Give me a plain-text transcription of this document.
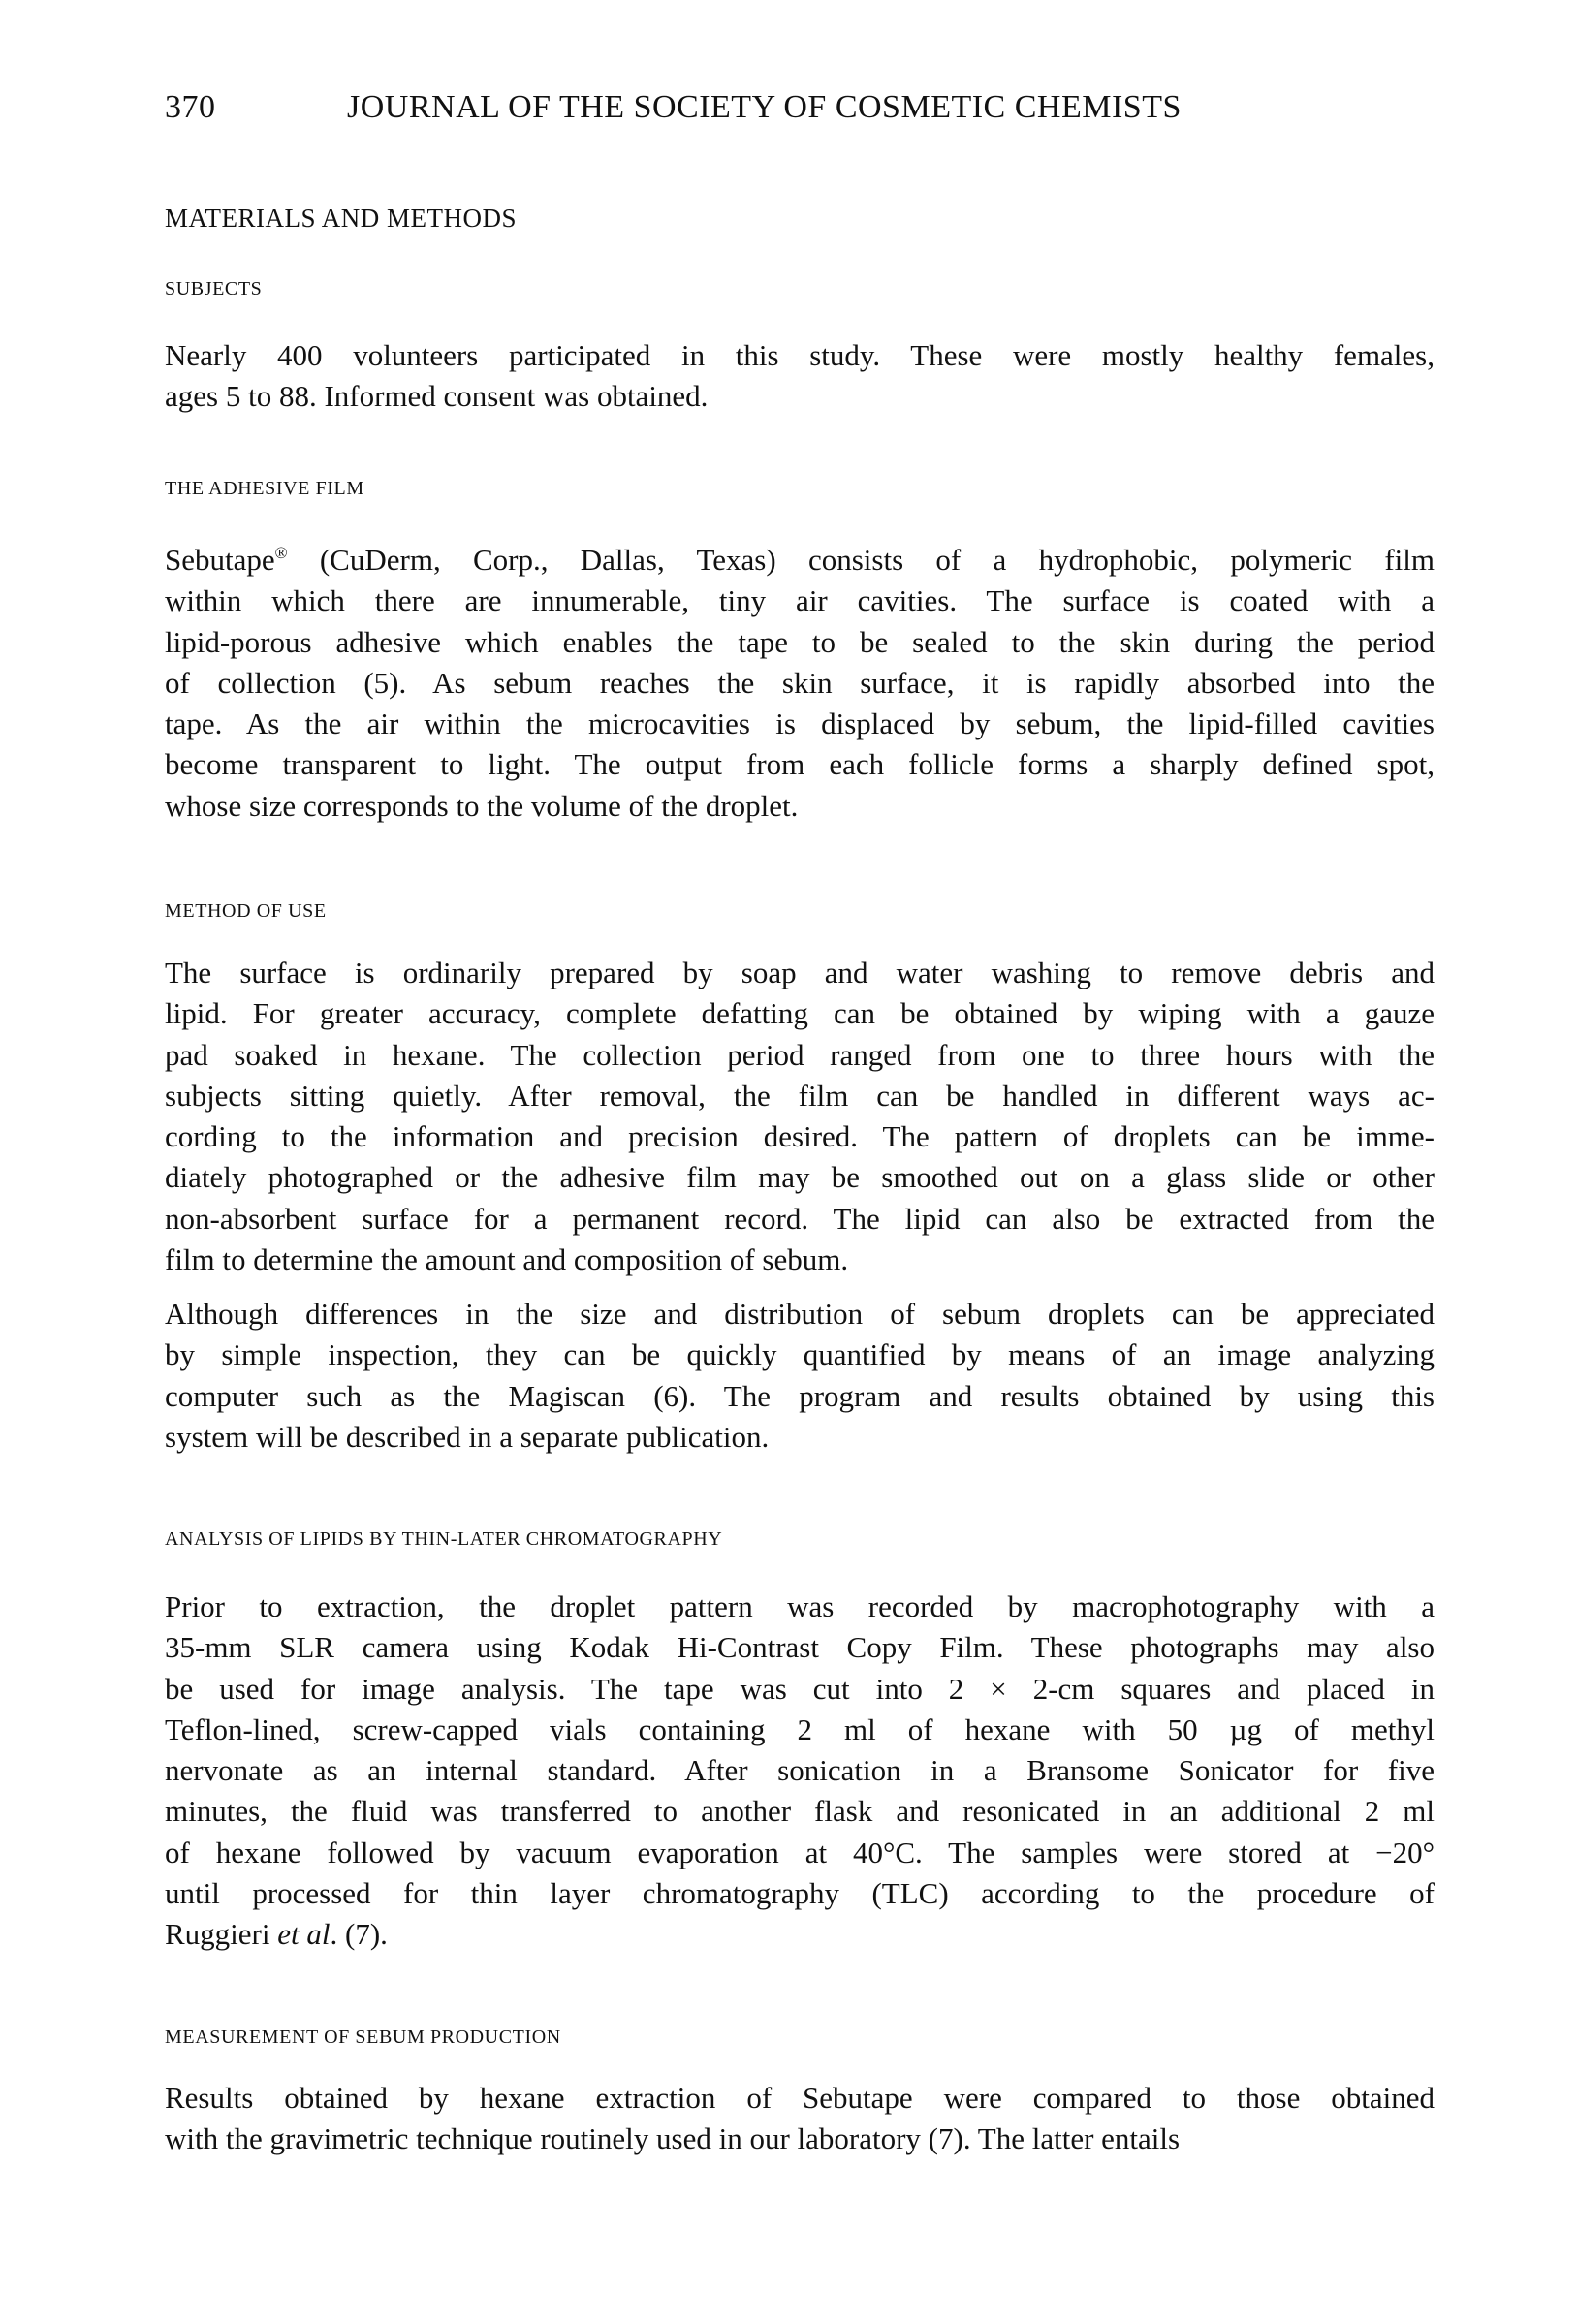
370	JOURNAL OF THE SOCIETY OF COSMETIC CHEMISTS
MATERIALS AND METHODS
SUBJECTS
Nearly 400 volunteers participated in this study. These were mostly healthy females,
ages 5 to 88. Informed consent was obtained.
THE ADHESIVE FILM
Sebutape® (CuDerm, Corp., Dallas, Texas) consists of a hydrophobic, polymeric film
within which there are innumerable, tiny air cavities. The surface is coated with a
lipid-porous adhesive which enables the tape to be sealed to the skin during the period
of collection (5). As sebum reaches the skin surface, it is rapidly absorbed into the
tape. As the air within the microcavities is displaced by sebum, the lipid-filled cavities
become transparent to light. The output from each follicle forms a sharply defined spot,
whose size corresponds to the volume of the droplet.
METHOD OF USE
The surface is ordinarily prepared by soap and water washing to remove debris and
lipid. For greater accuracy, complete defatting can be obtained by wiping with a gauze
pad soaked in hexane. The collection period ranged from one to three hours with the
subjects sitting quietly. After removal, the film can be handled in different ways ac-
cording to the information and precision desired. The pattern of droplets can be imme-
diately photographed or the adhesive film may be smoothed out on a glass slide or other
non-absorbent surface for a permanent record. The lipid can also be extracted from the
film to determine the amount and composition of sebum.
Although differences in the size and distribution of sebum droplets can be appreciated
by simple inspection, they can be quickly quantified by means of an image analyzing
computer such as the Magiscan (6). The program and results obtained by using this
system will be described in a separate publication.
ANALYSIS OF LIPIDS BY THIN-LATER CHROMATOGRAPHY
Prior to extraction, the droplet pattern was recorded by macrophotography with a
35-mm SLR camera using Kodak Hi-Contrast Copy Film. These photographs may also
be used for image analysis. The tape was cut into 2 × 2-cm squares and placed in
Teflon-lined, screw-capped vials containing 2 ml of hexane with 50 µg of methyl
nervonate as an internal standard. After sonication in a Bransome Sonicator for five
minutes, the fluid was transferred to another flask and resonicated in an additional 2 ml
of hexane followed by vacuum evaporation at 40°C. The samples were stored at −20°
until processed for thin layer chromatography (TLC) according to the procedure of
Ruggieri et al. (7).
MEASUREMENT OF SEBUM PRODUCTION
Results obtained by hexane extraction of Sebutape were compared to those obtained
with the gravimetric technique routinely used in our laboratory (7). The latter entails
